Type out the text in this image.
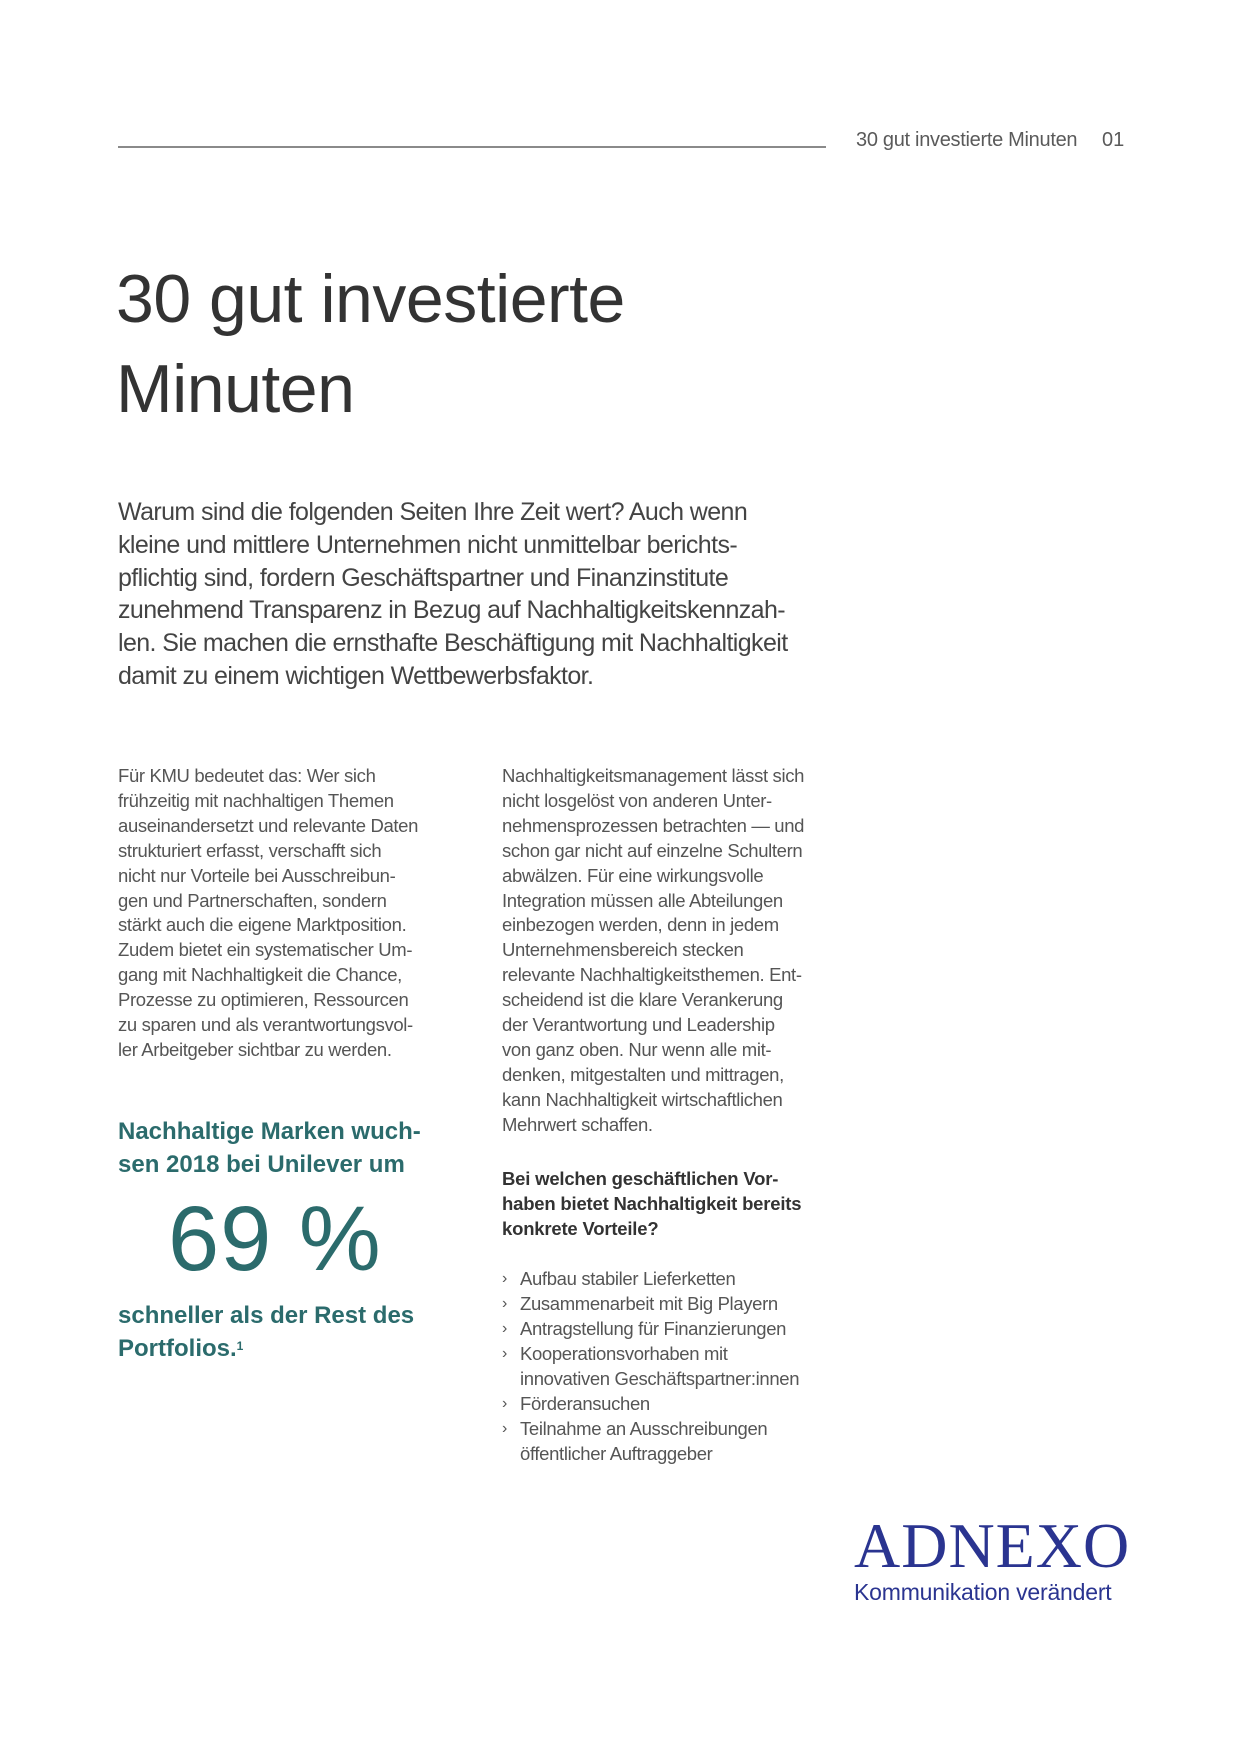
30 gut investierte Minuten 01
30 gut investierte
Minuten

Warum sind die folgenden Seiten Ihre Zeit wert? Auch wenn
kleine und mittlere Unternehmen nicht unmittelbar berichts-
pflichtig sind, fordern Geschäftspartner und Finanzinstitute
zunehmend Transparenz in Bezug auf Nachhaltigkeitskennzah-
len. Sie machen die ernsthafte Beschäftigung mit Nachhaltigkeit
damit zu einem wichtigen Wettbewerbsfaktor.

Für KMU bedeutet das: Wer sich
frühzeitig mit nachhaltigen Themen
auseinandersetzt und relevante Daten
strukturiert erfasst, verschafft sich
nicht nur Vorteile bei Ausschreibun-
gen und Partnerschaften, sondern
stärkt auch die eigene Marktposition.
Zudem bietet ein systematischer Um-
gang mit Nachhaltigkeit die Chance,
Prozesse zu optimieren, Ressourcen
zu sparen und als verantwortungsvol-
ler Arbeitgeber sichtbar zu werden.

Nachhaltige Marken wuch-
sen 2018 bei Unilever um

69 %

schneller als der Rest des
Portfolios.$^1$

Nachhaltigkeitsmanagement lässt sich
nicht losgelöst von anderen Unter-
nehmensprozessen betrachten — und
schon gar nicht auf einzelne Schultern
abwälzen. Für eine wirkungsvolle
Integration müssen alle Abteilungen
einbezogen werden, denn in jedem
Unternehmensbereich stecken
relevante Nachhaltigkeitsthemen. Ent-
scheidend ist die klare Verankerung
der Verantwortung und Leadership
von ganz oben. Nur wenn alle mit-
denken, mitgestalten und mittragen,
kann Nachhaltigkeit wirtschaftlichen
Mehrwert schaffen.

Bei welchen geschäftlichen Vor-
haben bietet Nachhaltigkeit bereits
konkrete Vorteile?

› Aufbau stabiler Lieferketten
› Zusammenarbeit mit Big Playern
› Antragstellung für Finanzierungen
› Kooperationsvorhaben mit
innovativen Geschäftspartner:innen
› Förderansuchen
› Teilnahme an Ausschreibungen
öffentlicher Auftraggeber
ADNEXO
Kommunikation verändert
